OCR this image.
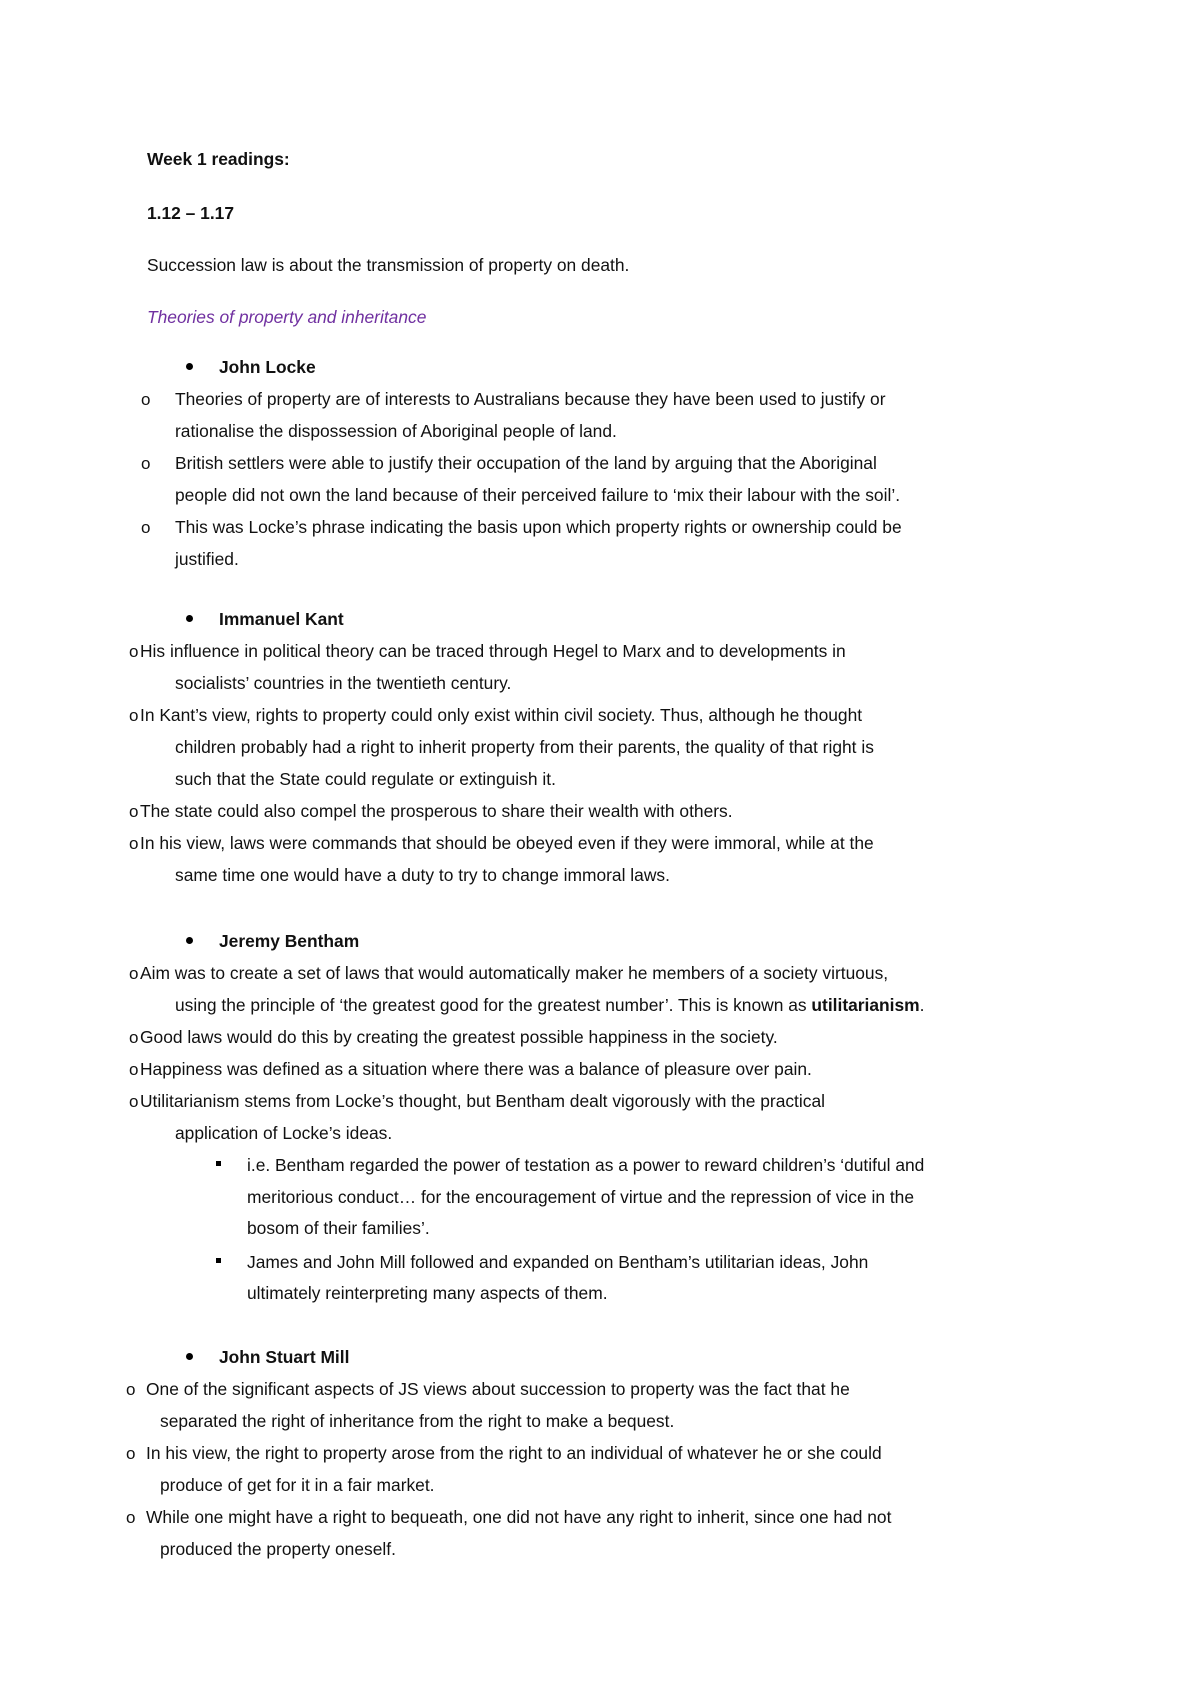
Week 1 readings:
1.12 – 1.17
Succession law is about the transmission of property on death.
Theories of property and inheritance
John Locke
o Theories of property are of interests to Australians because they have been used to justify or
rationalise the dispossession of Aboriginal people of land.
o British settlers were able to justify their occupation of the land by arguing that the Aboriginal
people did not own the land because of their perceived failure to ‘mix their labour with the soil’.
o This was Locke’s phrase indicating the basis upon which property rights or ownership could be
justified.
Immanuel Kant
o His influence in political theory can be traced through Hegel to Marx and to developments in
socialists’ countries in the twentieth century.
o In Kant’s view, rights to property could only exist within civil society. Thus, although he thought
children probably had a right to inherit property from their parents, the quality of that right is
such that the State could regulate or extinguish it.
o The state could also compel the prosperous to share their wealth with others.
o In his view, laws were commands that should be obeyed even if they were immoral, while at the
same time one would have a duty to try to change immoral laws.
Jeremy Bentham
o Aim was to create a set of laws that would automatically maker he members of a society virtuous,
using the principle of ‘the greatest good for the greatest number’. This is known as utilitarianism.
o Good laws would do this by creating the greatest possible happiness in the society.
o Happiness was defined as a situation where there was a balance of pleasure over pain.
o Utilitarianism stems from Locke’s thought, but Bentham dealt vigorously with the practical
application of Locke’s ideas.
i.e. Bentham regarded the power of testation as a power to reward children’s ‘dutiful and
meritorious conduct… for the encouragement of virtue and the repression of vice in the
bosom of their families’.
James and John Mill followed and expanded on Bentham’s utilitarian ideas, John
ultimately reinterpreting many aspects of them.
John Stuart Mill
o One of the significant aspects of JS views about succession to property was the fact that he
separated the right of inheritance from the right to make a bequest.
o In his view, the right to property arose from the right to an individual of whatever he or she could
produce of get for it in a fair market.
o While one might have a right to bequeath, one did not have any right to inherit, since one had not
produced the property oneself.
